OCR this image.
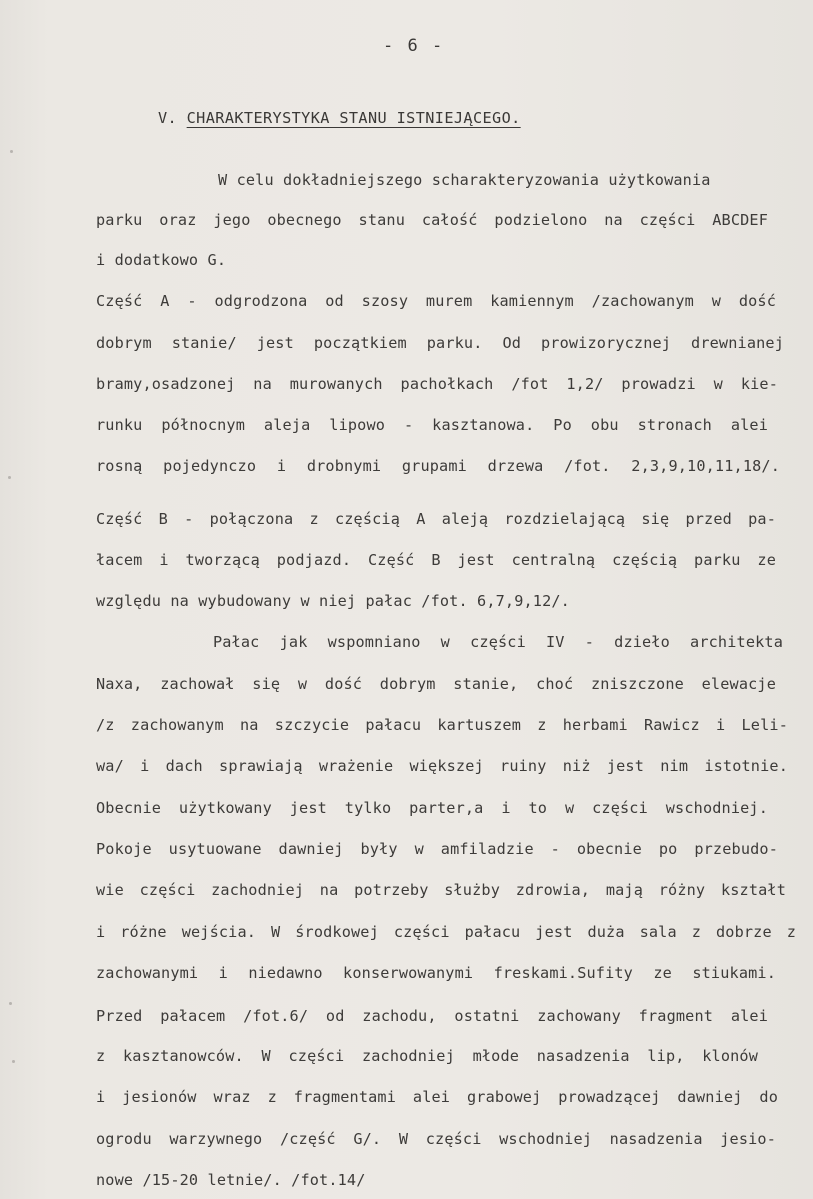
- 6 -
V. CHARAKTERYSTYKA STANU ISTNIEJĄCEGO.
W celu dokładniejszego scharakteryzowania użytkowania
parku oraz jego obecnego stanu całość podzielono na części ABCDEF
i dodatkowo G.
Część A - odgrodzona od szosy murem kamiennym /zachowanym w dość
dobrym stanie/ jest początkiem parku. Od prowizorycznej drewnianej
bramy,osadzonej na murowanych pachołkach /fot 1,2/ prowadzi w kie-
runku północnym aleja lipowo - kasztanowa. Po obu stronach alei
rosną pojedynczo i drobnymi grupami drzewa /fot. 2,3,9,10,11,18/.
Część B - połączona z częścią A aleją rozdzielającą się przed pa-
łacem i tworzącą podjazd. Część B jest centralną częścią parku ze
względu na wybudowany w niej pałac /fot. 6,7,9,12/.
Pałac jak wspomniano w części IV - dzieło architekta
Naxa, zachował się w dość dobrym stanie, choć zniszczone elewacje
/z zachowanym na szczycie pałacu kartuszem z herbami Rawicz i Leli-
wa/ i dach sprawiają wrażenie większej ruiny niż jest nim istotnie.
Obecnie użytkowany jest tylko parter,a i to w części wschodniej.
Pokoje usytuowane dawniej były w amfiladzie - obecnie po przebudo-
wie części zachodniej na potrzeby służby zdrowia, mają różny kształt
i różne wejścia. W środkowej części pałacu jest duża sala z dobrze z
zachowanymi i niedawno konserwowanymi freskami.Sufity ze stiukami.
Przed pałacem /fot.6/ od zachodu, ostatni zachowany fragment alei
z kasztanowców. W części zachodniej młode nasadzenia lip, klonów
i jesionów wraz z fragmentami alei grabowej prowadzącej dawniej do
ogrodu warzywnego /część G/. W części wschodniej nasadzenia jesio-
nowe /15-20 letnie/. /fot.14/
